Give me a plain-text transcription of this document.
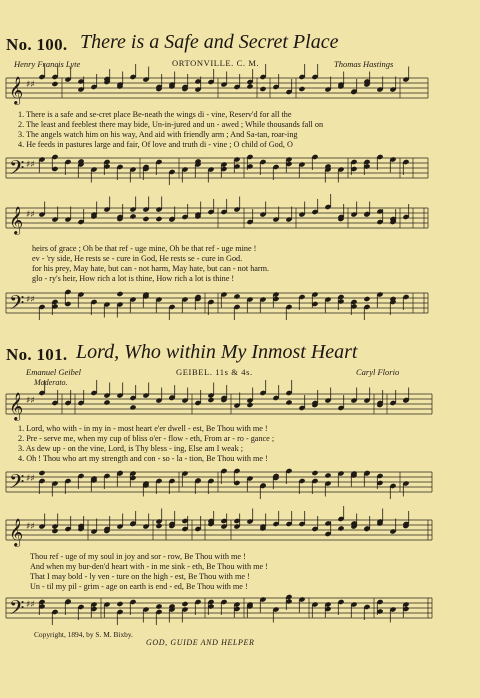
No. 100. There is a Safe and Secret Place
Henry Francis Lyte	ORTONVILLE. C. M.	Thomas Hastings
𝄞 ♯♯
1. There is a safe and se-cret place Be-neath the wings di - vine, Reserv'd for all the
2. The least and feeblest there may bide, Un-in-jured and un - awed ; While thousands fall on
3. The angels watch him on his way, And aid with friendly arm ; And Sa-tan, roar-ing
4. He feeds in pastures large and fair, Of love and truth di - vine ; O child of God, O
𝄢 ♯♯
𝄞 ♯♯
heirs of grace ; Oh be that ref - uge mine, Oh be that ref - uge mine !
ev - 'ry side, He rests se - cure in God, He rests se - cure in God.
for his prey, May hate, but can - not harm, May hate, but can - not harm.
glo - ry's heir, How rich a lot is thine, How rich a lot is thine !
𝄢 ♯♯
No. 101. Lord, Who within My Inmost Heart
Emanuel Geibel	GEIBEL. 11s & 4s.	Caryl Florio
Moderato.
𝄞 ♯♯
1. Lord, who with - in my in - most heart e'er dwell - est, Be Thou with me !
2. Pre - serve me, when my cup of bliss o'er - flow - eth, From ar - ro - gance ;
3. As dew up - on the vine, Lord, is Thy bless - ing, Else am I weak ;
4. Oh ! Thou who art my strength and con - so - la - tion, Be Thou with me !
𝄢 ♯♯
𝄞 ♯♯
Thou ref - uge of my soul in joy and sor - row, Be Thou with me !
And when my bur-den'd heart with - in me sink - eth, Be Thou with me !
That I may bold - ly ven - ture on the high - est, Be Thou with me !
Un - til my pil - grim - age on earth is end - ed, Be Thou with me !
𝄢 ♯♯
Copyright, 1894, by S. M. Bixby.
GOD, GUIDE AND HELPER
